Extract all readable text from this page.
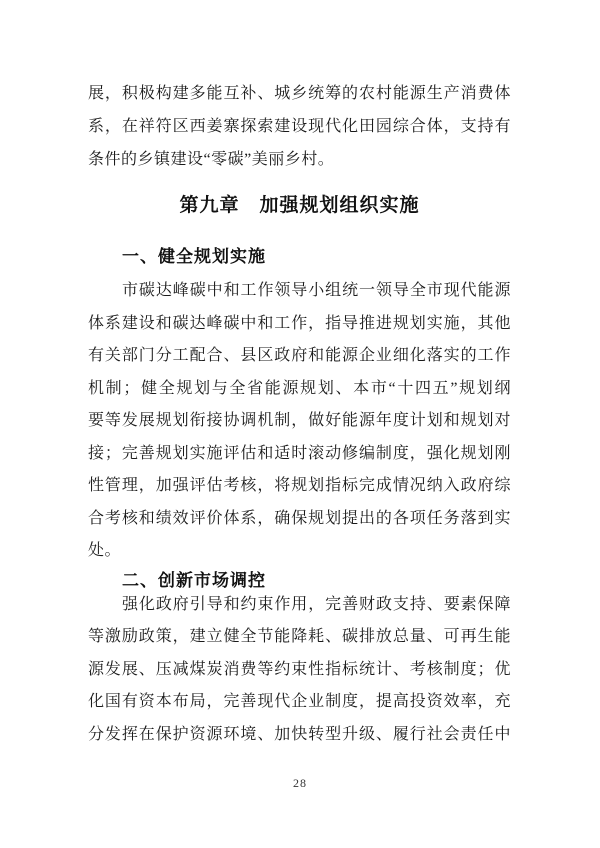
展，积极构建多能互补、城乡统筹的农村能源生产消费体
系，在祥符区西姜寨探索建设现代化田园综合体，支持有
条件的乡镇建设“零碳”美丽乡村。
第九章　加强规划组织实施
一、健全规划实施
市碳达峰碳中和工作领导小组统一领导全市现代能源
体系建设和碳达峰碳中和工作，指导推进规划实施，其他
有关部门分工配合、县区政府和能源企业细化落实的工作
机制；健全规划与全省能源规划、本市“十四五”规划纲
要等发展规划衔接协调机制，做好能源年度计划和规划对
接；完善规划实施评估和适时滚动修编制度，强化规划刚
性管理，加强评估考核，将规划指标完成情况纳入政府综
合考核和绩效评价体系，确保规划提出的各项任务落到实
处。
二、创新市场调控
强化政府引导和约束作用，完善财政支持、要素保障
等激励政策，建立健全节能降耗、碳排放总量、可再生能
源发展、压减煤炭消费等约束性指标统计、考核制度；优
化国有资本布局，完善现代企业制度，提高投资效率，充
分发挥在保护资源环境、加快转型升级、履行社会责任中
28
